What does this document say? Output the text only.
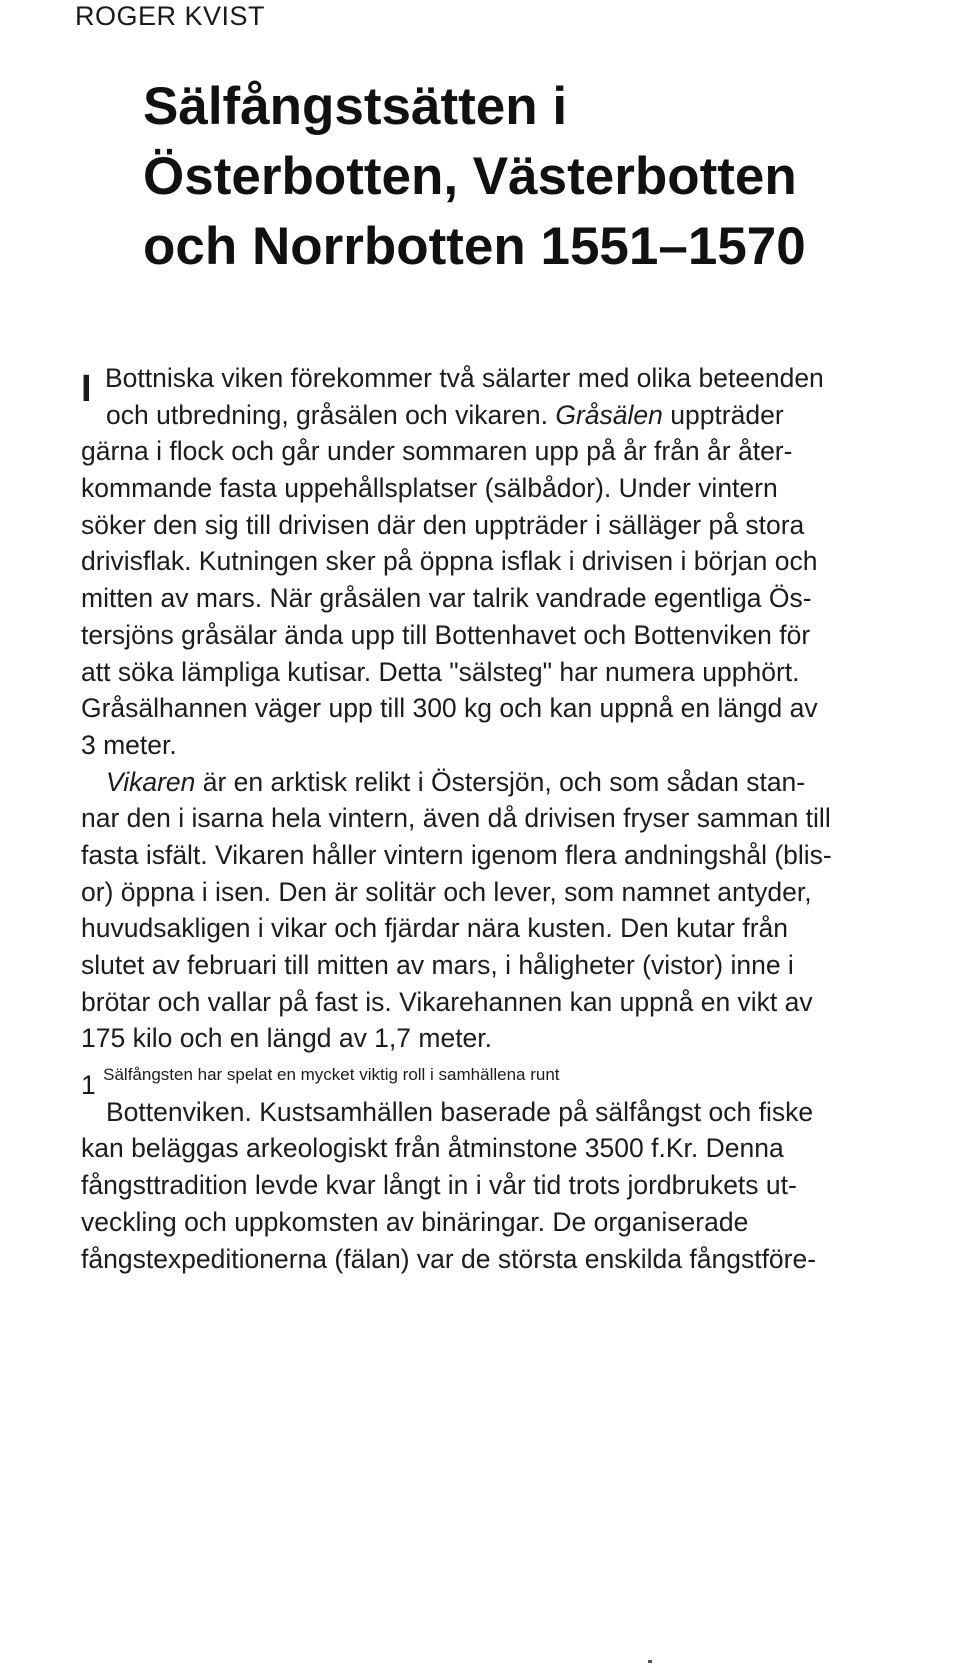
ROGER KVIST
Sälfångstsätten i
Österbotten, Västerbotten
och Norrbotten 1551–1570
I Bottniska viken förekommer två sälarter med olika beteenden
och utbredning, gråsälen och vikaren. Gråsälen uppträder
gärna i flock och går under sommaren upp på år från år åter-
kommande fasta uppehållsplatser (sälbådor). Under vintern
söker den sig till drivisen där den uppträder i sälläger på stora
drivisflak. Kutningen sker på öppna isflak i drivisen i början och
mitten av mars. När gråsälen var talrik vandrade egentliga Ös-
tersjöns gråsälar ända upp till Bottenhavet och Bottenviken för
att söka lämpliga kutisar. Detta "sälsteg" har numera upphört.
Gråsälhannen väger upp till 300 kg och kan uppnå en längd av
3 meter.
Vikaren är en arktisk relikt i Östersjön, och som sådan stan-
nar den i isarna hela vintern, även då drivisen fryser samman till
fasta isfält. Vikaren håller vintern igenom flera andningshål (blis-
or) öppna i isen. Den är solitär och lever, som namnet antyder,
huvudsakligen i vikar och fjärdar nära kusten. Den kutar från
slutet av februari till mitten av mars, i håligheter (vistor) inne i
brötar och vallar på fast is. Vikarehannen kan uppnå en vikt av
175 kilo och en längd av 1,7 meter.
1 $^{Sälfångsten har spelat en mycket viktig roll i samhällena runt}$
Bottenviken. Kustsamhällen baserade på sälfångst och fiske
kan beläggas arkeologiskt från åtminstone 3500 f.Kr. Denna
fångsttradition levde kvar långt in i vår tid trots jordbrukets ut-
veckling och uppkomsten av binäringar. De organiserade
fångstexpeditionerna (fälan) var de största enskilda fångstföre-
